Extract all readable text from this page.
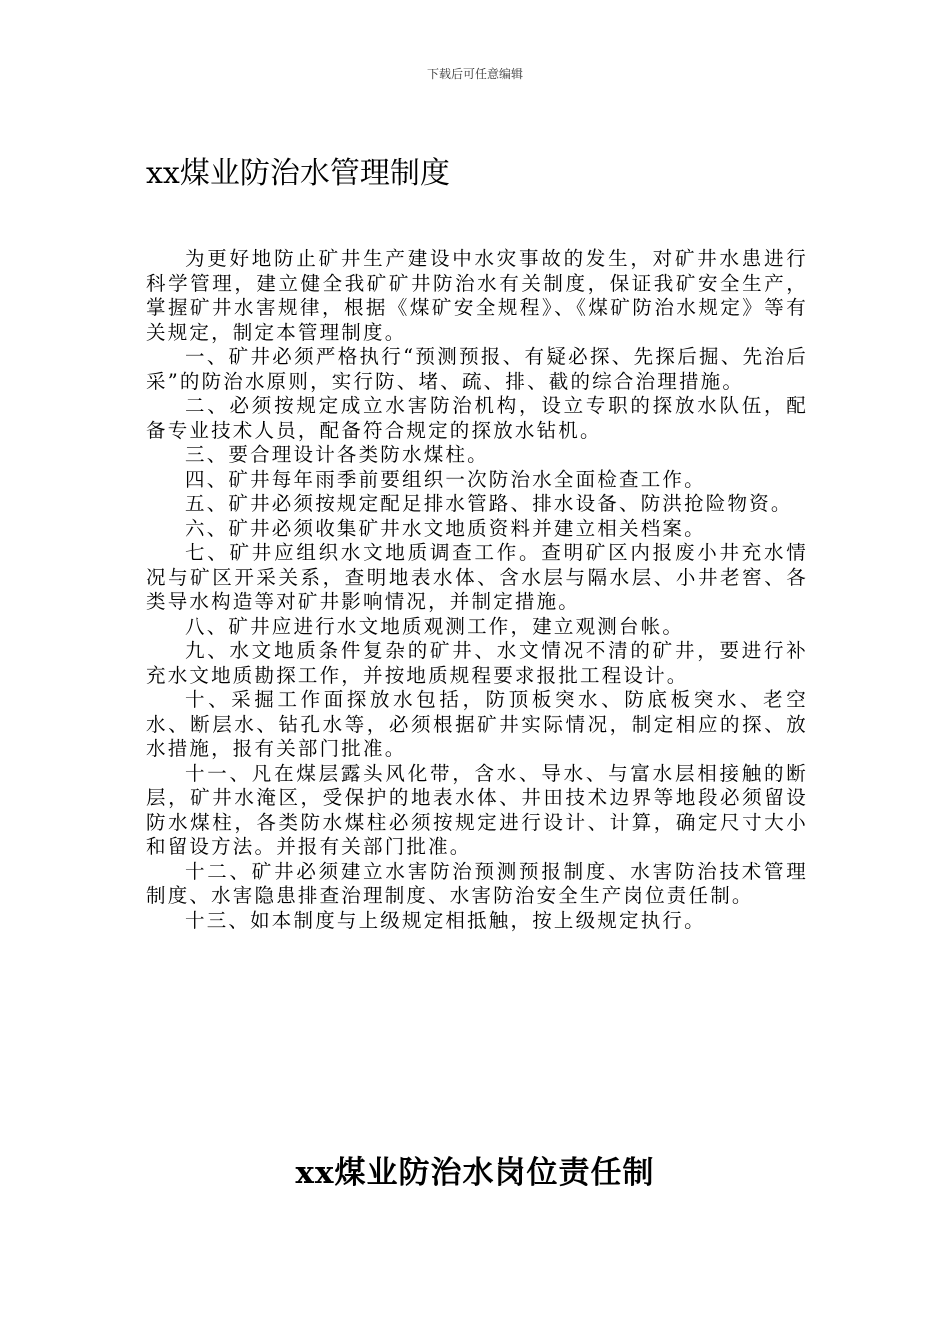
下载后可任意编辑
xx煤业防治水管理制度

为更好地防止矿井生产建设中水灾事故的发生，对矿井水患进行科学管理，建立健全我矿矿井防治水有关制度，保证我矿安全生产，掌握矿井水害规律，根据《煤矿安全规程》、《煤矿防治水规定》等有关规定，制定本管理制度。

一、矿井必须严格执行“预测预报、有疑必探、先探后掘、先治后采”的防治水原则，实行防、堵、疏、排、截的综合治理措施。

二、必须按规定成立水害防治机构，设立专职的探放水队伍，配备专业技术人员，配备符合规定的探放水钻机。

三、要合理设计各类防水煤柱。

四、矿井每年雨季前要组织一次防治水全面检查工作。

五、矿井必须按规定配足排水管路、排水设备、防洪抢险物资。

六、矿井必须收集矿井水文地质资料并建立相关档案。

七、矿井应组织水文地质调查工作。查明矿区内报废小井充水情况与矿区开采关系，查明地表水体、含水层与隔水层、小井老窖、各类导水构造等对矿井影响情况，并制定措施。

八、矿井应进行水文地质观测工作，建立观测台帐。

九、水文地质条件复杂的矿井、水文情况不清的矿井，要进行补充水文地质勘探工作，并按地质规程要求报批工程设计。

十、采掘工作面探放水包括，防顶板突水、防底板突水、老空水、断层水、钻孔水等，必须根据矿井实际情况，制定相应的探、放水措施，报有关部门批准。

十一、凡在煤层露头风化带，含水、导水、与富水层相接触的断层，矿井水淹区，受保护的地表水体、井田技术边界等地段必须留设防水煤柱，各类防水煤柱必须按规定进行设计、计算，确定尺寸大小和留设方法。并报有关部门批准。

十二、矿井必须建立水害防治预测预报制度、水害防治技术管理制度、水害隐患排查治理制度、水害防治安全生产岗位责任制。

十三、如本制度与上级规定相抵触，按上级规定执行。

xx煤业防治水岗位责任制
